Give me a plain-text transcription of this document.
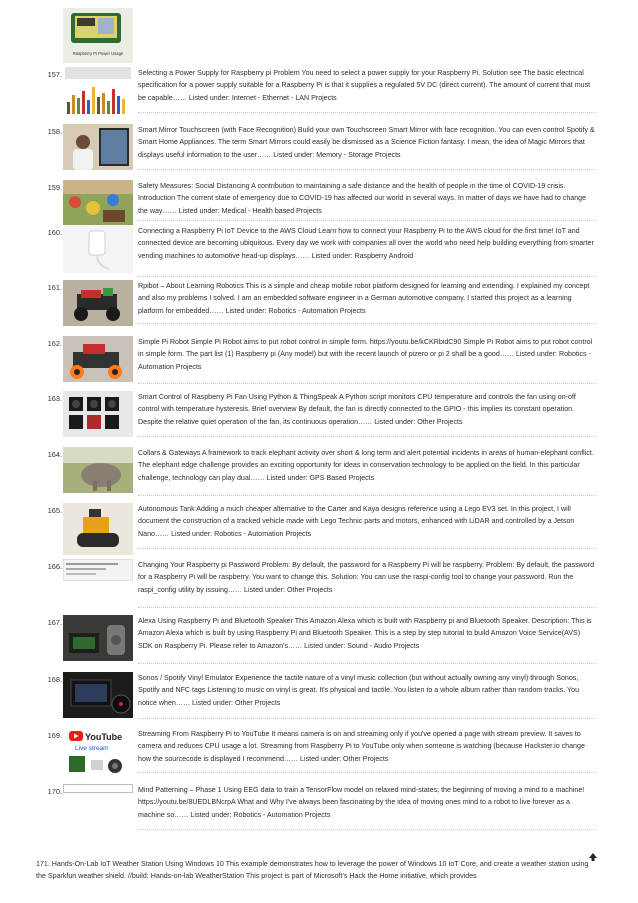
Raspberry Pi Power Usage
157.	Selecting a Power Supply for Raspberry pi Problem You need to select a power supply for your Raspberry Pi. Solution see The basic electrical specification for a power supply suitable for a Raspberry Pi is that it supplies a regulated 5V DC (direct current). The amount of current that must be capable…… Listed under: Internet - Ethernet - LAN Projects
158.	Smart Mirror Touchscreen (with Face Recognition) Build your own Touchscreen Smart Mirror with face recognition. You can even control Spotify & Smart Home Appliances. The term Smart Mirrors could easily be dismissed as a Science Fiction fantasy. I mean, the idea of Magic Mirrors that displays useful information to the user…… Listed under: Memory - Storage Projects
159.	Safety Measures: Social Distancing A contribution to maintaining a safe distance and the health of people in the time of COVID-19 crisis. Introduction The current state of emergency due to COVID-19 has affected our world in several ways. In matter of days we have had to change the way…… Listed under: Medical - Health based Projects
160.	Connecting a Raspberry Pi IoT Device to the AWS Cloud Learn how to connect your Raspberry Pi to the AWS cloud for the first time! IoT and connected device are becoming ubiquitous. Every day we work with companies all over the world who need help building everything from smarter vending machines to automotive head-up displays…… Listed under: Raspberry Android
161.	Rpibot – About Learning Robotics This is a simple and cheap mobile robot platform designed for learning and extending. I explained my concept and also my problems I solved. I am an embedded software engineer in a German automotive company. I started this project as a learning platform for embedded…… Listed under: Robotics - Automation Projects
162.	Simple Pi Robot Simple Pi Robot aims to put robot control in simple form. https://youtu.be/kCKRbidC90 Simple Pi Robot aims to put robot control in simple form. The part list (1) Raspberry pi (Any model) but with the recent launch of pizero or pi 2 shall be a good…… Listed under: Robotics - Automation Projects
163.	Smart Control of Raspberry Pi Fan Using Python & ThingSpeak A Python script monitors CPU temperature and controls the fan using on-off control with temperature hysteresis. Brief overview By default, the fan is directly connected to the GPIO - this implies its constant operation. Despite the relative quiet operation of the fan, its continuous operation…… Listed under: Other Projects
164.	Collars & Gateways A framework to track elephant activity over short & long term and alert potential incidents in areas of human-elephant conflict. The elephant edge challenge provides an exciting opportunity for ideas in conservation technology to be applied on the field. In this particular challenge, technology can play dual…… Listed under: GPS Based Projects
165.	Autonomous Tank Adding a much cheaper alternative to the Carter and Kaya designs reference using a Lego EV3 set. In this project, I will document the construction of a tracked vehicle made with Lego Technic parts and motors, enhanced with LiDAR and controlled by a Jetson Nano…… Listed under: Robotics - Automation Projects
166.	Changing Your Raspberry pi Password Problem: By default, the password for a Raspberry Pi will be raspberry. Problem: By default, the password for a Raspberry Pi will be raspberry. You want to change this. Solution: You can use the raspi-config tool to change your password. Run the raspi_config utility by issuing…… Listed under: Other Projects
167.	Alexa Using Raspberry Pi and Bluetooth Speaker This Amazon Alexa which is built with Raspberry pi and Bluetooth Speaker. Description: This is Amazon Alexa which is built by using Raspberry Pi and Bluetooth Speaker. This is a step by step tutorial to build Amazon Voice Service(AVS) SDK on Raspberry Pi. Please refer to Amazon's…… Listed under: Sound - Audio Projects
168.	Sonos / Spotify Vinyl Emulator Experience the tactile nature of a vinyl music collection (but without actually owning any vinyl) through Sonos, Spotify and NFC tags Listening to music on vinyl is great. It's physical and tactile. You listen to a whole album rather than random tracks. You notice when…… Listed under: Other Projects
169.	YouTube
Live stream
Streaming From Raspberry Pi to YouTube It means camera is on and streaming only if you've opened a page with stream preview. It saves to camera and reduces CPU usage a lot. Streaming from Raspberry Pi to YouTube only when someone is watching (because Hackster.io change how the sourcecode is displayed I recommend…… Listed under: Other Projects
170.	Mind Patterning – Phase 1 Using EEG data to train a TensorFlow model on relaxed mind-states; the beginning of moving a mind to a machine! https://youtu.be/8UEDLBNcrpA What and Why I've always been fascinating by the idea of moving ones mind to a robot to live forever as a machine so…… Listed under: Robotics - Automation Projects
171. Hands-On-Lab IoT Weather Station Using Windows 10 This example demonstrates how to leverage the power of Windows 10 IoT Core, and create a weather station using the Sparkfun weather shield. //build: Hands-on-lab WeatherStation This project is part of Microsoft's Hack the Home initiative, which provides
